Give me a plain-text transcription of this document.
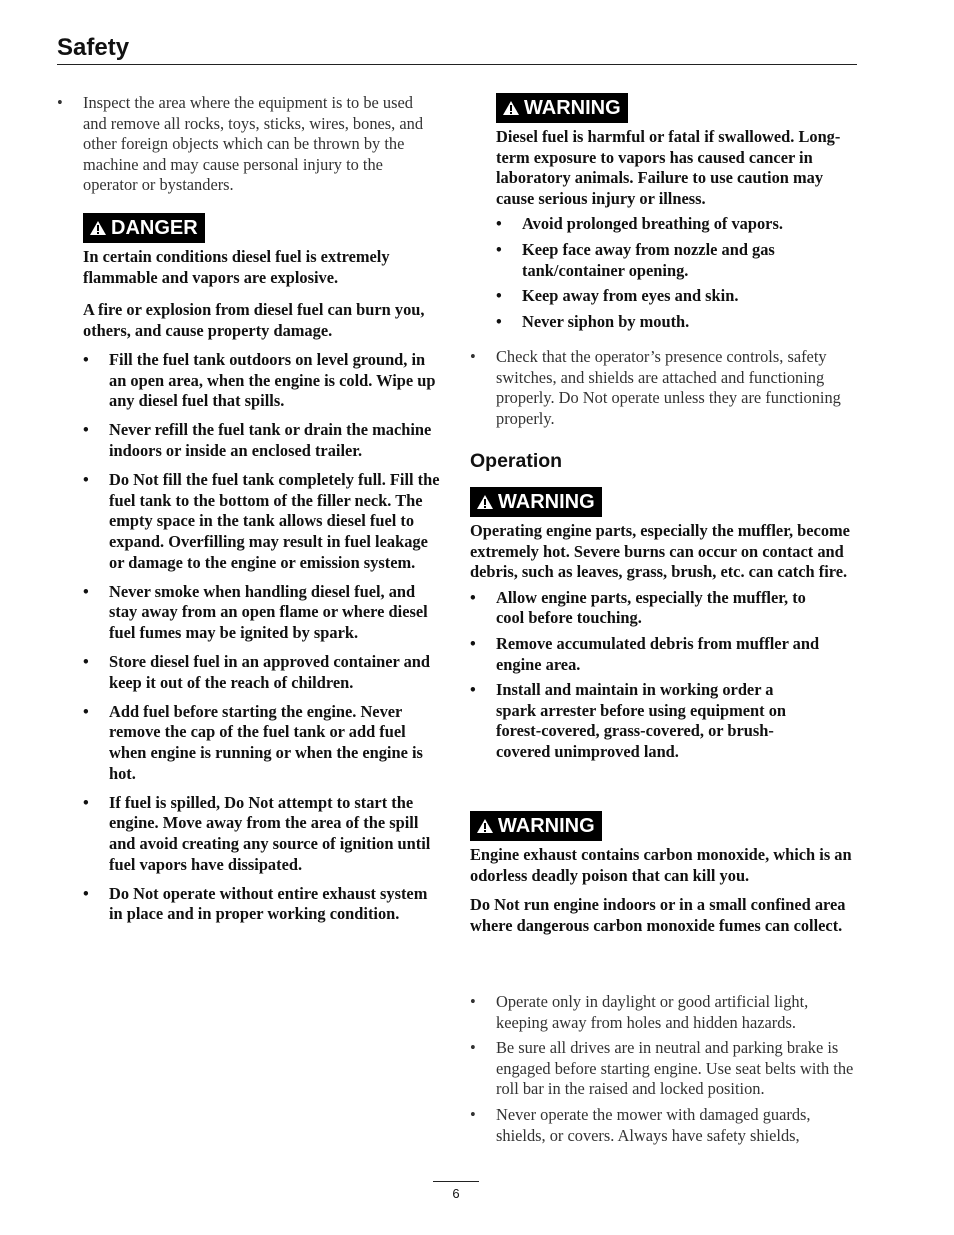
Safety
• Inspect the area where the equipment is to be used and remove all rocks, toys, sticks, wires, bones, and other foreign objects which can be thrown by the machine and may cause personal injury to the operator or bystanders.
DANGER

In certain conditions diesel fuel is extremely flammable and vapors are explosive.

A fire or explosion from diesel fuel can burn you, others, and cause property damage.

• Fill the fuel tank outdoors on level ground, in an open area, when the engine is cold. Wipe up any diesel fuel that spills.
• Never refill the fuel tank or drain the machine indoors or inside an enclosed trailer.
• Do Not fill the fuel tank completely full. Fill the fuel tank to the bottom of the filler neck. The empty space in the tank allows diesel fuel to expand. Overfilling may result in fuel leakage or damage to the engine or emission system.
• Never smoke when handling diesel fuel, and stay away from an open flame or where diesel fuel fumes may be ignited by spark.
• Store diesel fuel in an approved container and keep it out of the reach of children.
• Add fuel before starting the engine. Never remove the cap of the fuel tank or add fuel when engine is running or when the engine is hot.
• If fuel is spilled, Do Not attempt to start the engine. Move away from the area of the spill and avoid creating any source of ignition until fuel vapors have dissipated.
• Do Not operate without entire exhaust system in place and in proper working condition.
WARNING

Diesel fuel is harmful or fatal if swallowed. Long-term exposure to vapors has caused cancer in laboratory animals. Failure to use caution may cause serious injury or illness.

• Avoid prolonged breathing of vapors.
• Keep face away from nozzle and gas tank/container opening.
• Keep away from eyes and skin.
• Never siphon by mouth.
• Check that the operator’s presence controls, safety switches, and shields are attached and functioning properly. Do Not operate unless they are functioning properly.
Operation
WARNING

Operating engine parts, especially the muffler, become extremely hot. Severe burns can occur on contact and debris, such as leaves, grass, brush, etc. can catch fire.

• Allow engine parts, especially the muffler, to cool before touching.
• Remove accumulated debris from muffler and engine area.
• Install and maintain in working order a spark arrester before using equipment on forest-covered, grass-covered, or brush-covered unimproved land.
WARNING

Engine exhaust contains carbon monoxide, which is an odorless deadly poison that can kill you.

Do Not run engine indoors or in a small confined area where dangerous carbon monoxide fumes can collect.

• Operate only in daylight or good artificial light, keeping away from holes and hidden hazards.
• Be sure all drives are in neutral and parking brake is engaged before starting engine. Use seat belts with the roll bar in the raised and locked position.
• Never operate the mower with damaged guards, shields, or covers. Always have safety shields,
6
